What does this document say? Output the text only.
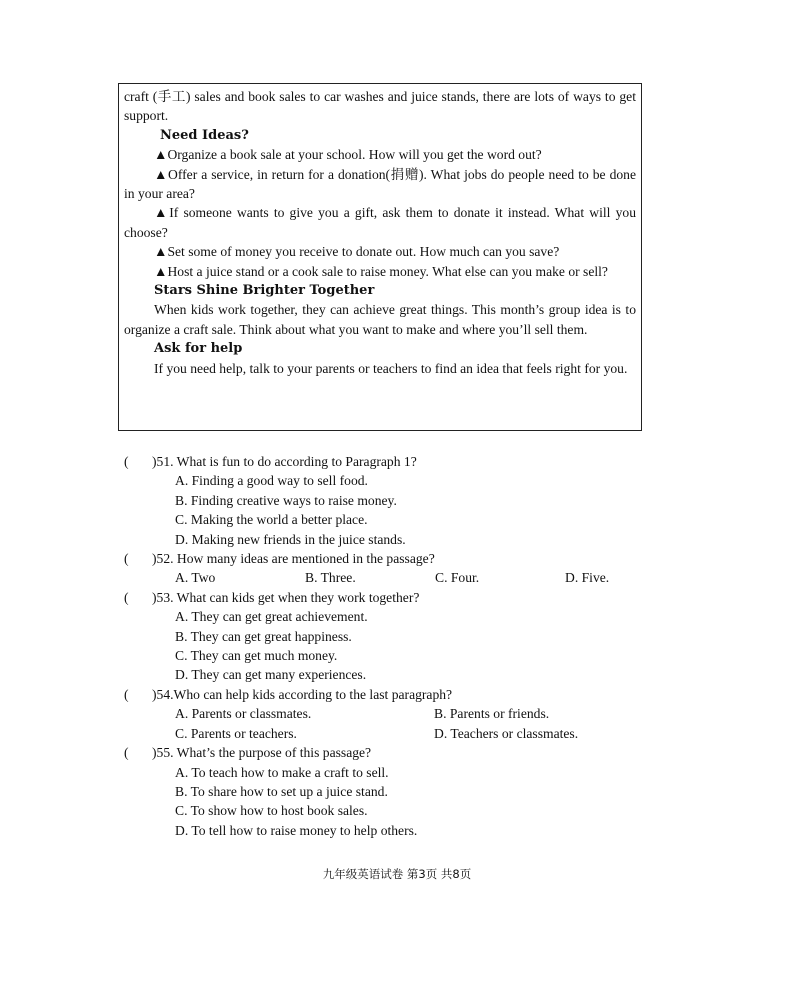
craft (手工) sales and book sales to car washes and juice stands, there are lots of ways to get support.

Need Ideas?

▲Organize a book sale at your school. How will you get the word out?

▲Offer a service, in return for a donation(捐赠). What jobs do people need to be done in your area?

▲If someone wants to give you a gift, ask them to donate it instead. What will you choose?

▲Set some of money you receive to donate out. How much can you save?

▲Host a juice stand or a cook sale to raise money. What else can you make or sell?

Stars Shine Brighter Together

When kids work together, they can achieve great things. This month’s group idea is to organize a craft sale. Think about what you want to make and where you’ll sell them.

Ask for help

If you need help, talk to your parents or teachers to find an idea that feels right for you.

(	)51. What is fun to do according to Paragraph 1?
A. Finding a good way to sell food.
B. Finding creative ways to raise money.
C. Making the world a better place.
D. Making new friends in the juice stands.
(	)52. How many ideas are mentioned in the passage?
A. Two	B. Three.	C. Four.	D. Five.
(	)53. What can kids get when they work together?
A. They can get great achievement.
B. They can get great happiness.
C. They can get much money.
D. They can get many experiences.
(	)54.Who can help kids according to the last paragraph?
A. Parents or classmates.	B. Parents or friends.
C. Parents or teachers.	D. Teachers or classmates.
(	)55. What’s the purpose of this passage?
A. To teach how to make a craft to sell.
B. To share how to set up a juice stand.
C. To show how to host book sales.
D. To tell how to raise money to help others.
九年级英语试卷 第3页 共8页
